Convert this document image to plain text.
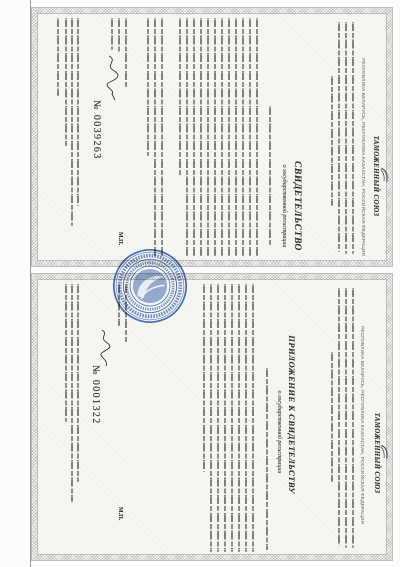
ТАМОЖЕННЫЙ СОЮЗ
РЕСПУБЛИКА БЕЛАРУСЬ, РЕСПУБЛИКА КАЗАХСТАН, РОССИЙСКАЯ ФЕДЕРАЦИЯ
СВИДЕТЕЛЬСТВО
о государственной регистрации
М.П.
№ 0039263
ТАМОЖЕННЫЙ СОЮЗ
РЕСПУБЛИКА БЕЛАРУСЬ, РЕСПУБЛИКА КАЗАХСТАН, РОССИЙСКАЯ ФЕДЕРАЦИЯ
ПРИЛОЖЕНИЕ К СВИДЕТЕЛЬСТВУ
о государственной регистрации
М.П.
№ 0001322
